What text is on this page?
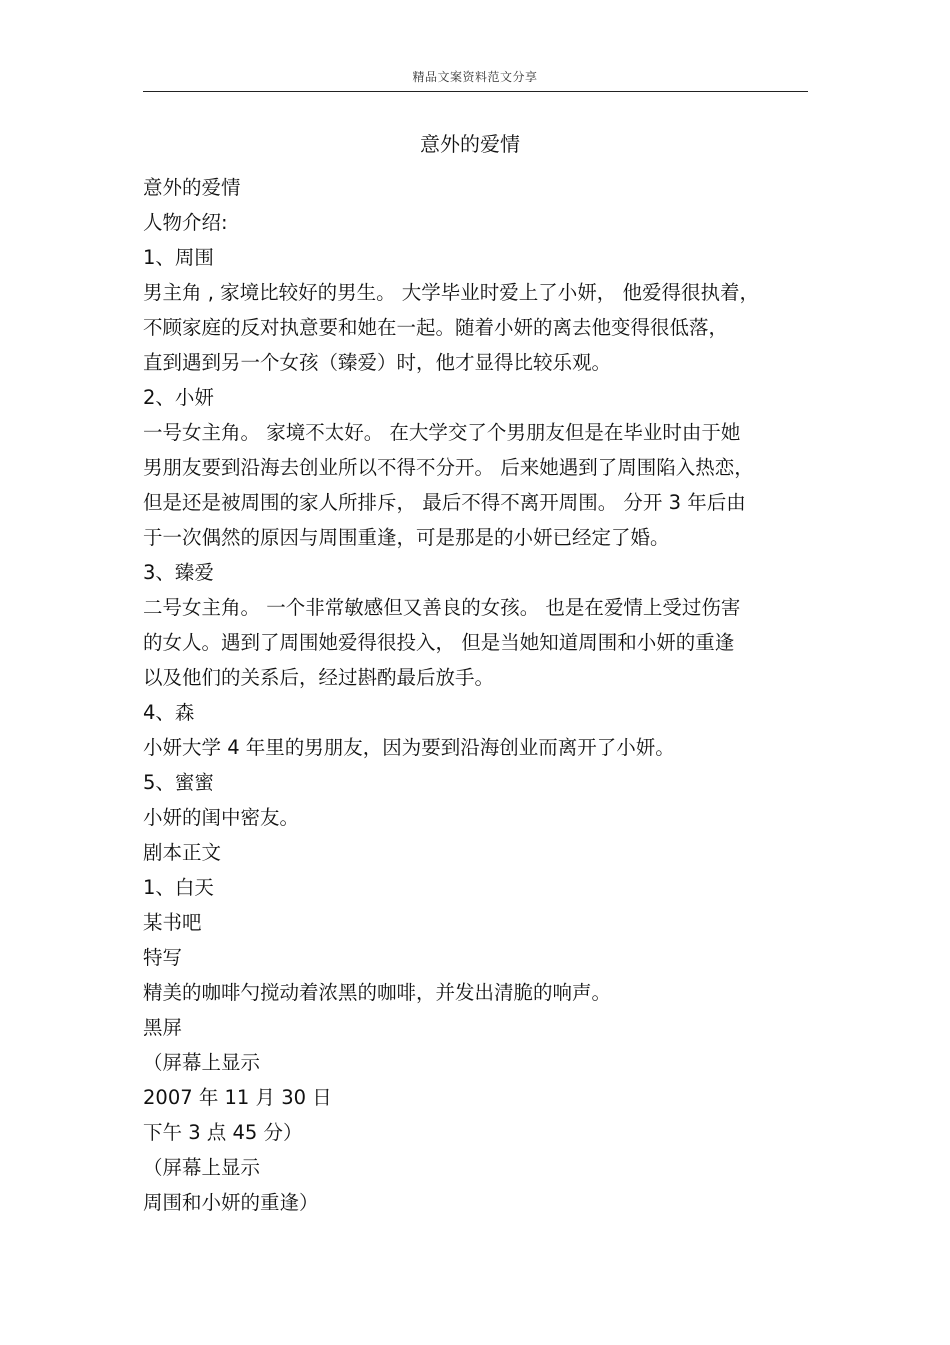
精品文案资料范文分享
意外的爱情
意外的爱情
人物介绍:
1、周围
男主角 , 家境比较好的男生。 大学毕业时爱上了小妍， 他爱得很执着，
不顾家庭的反对执意要和她在一起。随着小妍的离去他变得很低落，
直到遇到另一个女孩（臻爱）时，他才显得比较乐观。
2、小妍
一号女主角。 家境不太好。 在大学交了个男朋友但是在毕业时由于她
男朋友要到沿海去创业所以不得不分开。 后来她遇到了周围陷入热恋，
但是还是被周围的家人所排斥， 最后不得不离开周围。 分开 3 年后由
于一次偶然的原因与周围重逢，可是那是的小妍已经定了婚。
3、臻爱
二号女主角。 一个非常敏感但又善良的女孩。 也是在爱情上受过伤害
的女人。遇到了周围她爱得很投入， 但是当她知道周围和小妍的重逢
以及他们的关系后，经过斟酌最后放手。
4、森
小妍大学 4 年里的男朋友，因为要到沿海创业而离开了小妍。
5、蜜蜜
小妍的闺中密友。
剧本正文
1、白天
某书吧
特写
精美的咖啡勺搅动着浓黑的咖啡，并发出清脆的响声。
黑屏
（屏幕上显示
2007 年 11 月 30 日
下午 3 点 45 分）
（屏幕上显示
周围和小妍的重逢）
